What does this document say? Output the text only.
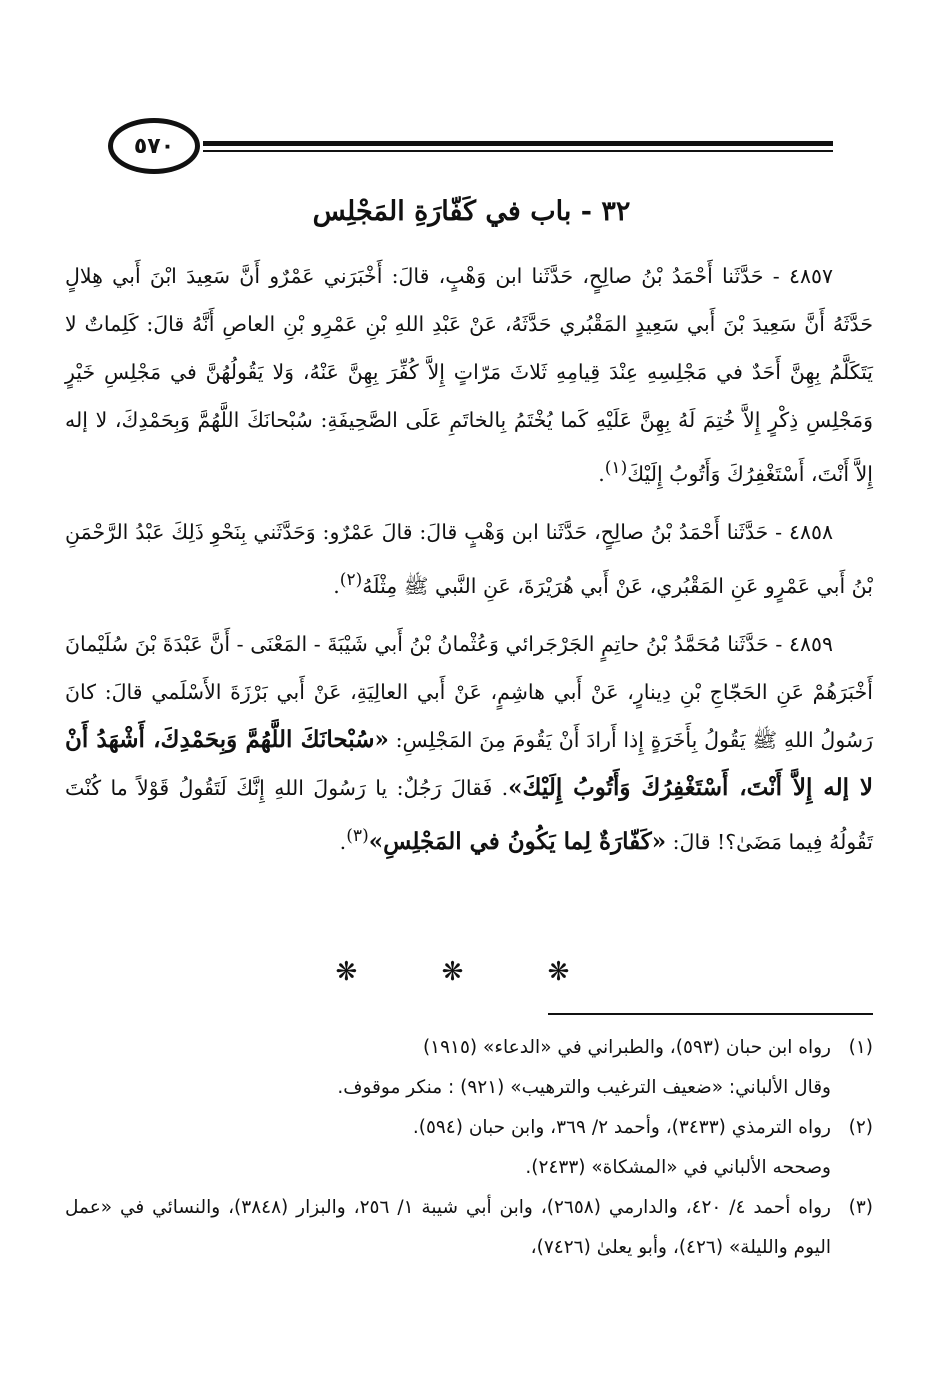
٥٧٠
٣٢ - باب في كَفّارَةِ المَجْلِس

٤٨٥٧ - حَدَّثَنا أَحْمَدُ بْنُ صالِحٍ، حَدَّثَنا ابن وَهْبٍ، قالَ: أَخْبَرَني عَمْرٌو أَنَّ سَعِيدَ ابْنَ أَبي هِلالٍ حَدَّثَهُ أَنَّ سَعِيدَ بْنَ أَبي سَعِيدٍ المَقْبُري حَدَّثَهُ، عَنْ عَبْدِ اللهِ بْنِ عَمْرِو بْنِ العاصِ أَنَّهُ قالَ: كَلِماتٌ لا يَتَكَلَّمُ بِهِنَّ أَحَدٌ في مَجْلِسِهِ عِنْدَ قِيامِهِ ثَلاثَ مَرّاتٍ إِلاَّ كُفِّرَ بِهِنَّ عَنْهُ، وَلا يَقُولُهُنَّ في مَجْلِسِ خَيْرٍ وَمَجْلِسِ ذِكْرٍ إِلاَّ خُتِمَ لَهُ بِهِنَّ عَلَيْهِ كَما يُخْتَمُ بِالخاتَمِ عَلَى الصَّحِيفَةِ: سُبْحانَكَ اللَّهُمَّ وَبِحَمْدِكَ، لا إله إِلاَّ أَنْتَ، أَسْتَغْفِرُكَ وَأَتُوبُ إِلَيْكَ$^{(١)}$.

٤٨٥٨ - حَدَّثَنا أَحْمَدُ بْنُ صالِحٍ، حَدَّثَنا ابن وَهْبٍ قالَ: قالَ عَمْرٌو: وَحَدَّثَني بِنَحْوِ ذَلِكَ عَبْدُ الرَّحْمَنِ بْنُ أَبي عَمْرٍو عَنِ المَقْبُري، عَنْ أَبي هُرَيْرَةَ، عَنِ النَّبي ﷺ مِثْلَهُ$^{(٢)}$.

٤٨٥٩ - حَدَّثَنا مُحَمَّدُ بْنُ حاتِمٍ الجَرْجَرائي وَعُثْمانُ بْنُ أَبي شَيْبَةَ - المَعْنَى - أَنَّ عَبْدَةَ بْنَ سُلَيْمانَ أَخْبَرَهُمْ عَنِ الحَجّاجِ بْنِ دِينارٍ، عَنْ أَبي هاشِمٍ، عَنْ أَبي العالِيَةِ، عَنْ أَبي بَرْزَةَ الأَسْلَمي قالَ: كانَ رَسُولُ اللهِ ﷺ يَقُولُ بِأَخَرَةٍ إِذا أَرادَ أَنْ يَقُومَ مِنَ المَجْلِسِ: «سُبْحانَكَ اللَّهُمَّ وَبِحَمْدِكَ، أَشْهَدُ أَنْ لا إله إِلاَّ أَنْتَ، أَسْتَغْفِرُكَ وَأَتُوبُ إِلَيْكَ». فَقالَ رَجُلٌ: يا رَسُولَ اللهِ إِنَّكَ لَتَقُولُ قَوْلاً ما كُنْتَ تَقُولُهُ فِيما مَضَىٰ؟! قالَ: «كَفّارَةٌ لِما يَكُونُ في المَجْلِسِ»$^{(٣)}$.

❋ ❋ ❋
(١)
رواه ابن حبان (٥٩٣)، والطبراني في «الدعاء» (١٩١٥)
وقال الألباني: «ضعيف الترغيب والترهيب» (٩٢١) : منكر موقوف.
(٢)
رواه الترمذي (٣٤٣٣)، وأحمد ٢/ ٣٦٩، وابن حبان (٥٩٤).
وصححه الألباني في «المشكاة» (٢٤٣٣).
(٣)
رواه أحمد ٤/ ٤٢٠، والدارمي (٢٦٥٨)، وابن أبي شيبة ١/ ٢٥٦، والبزار (٣٨٤٨)، والنسائي في «عمل اليوم والليلة» (٤٢٦)، وأبو يعلىٰ (٧٤٢٦)،
